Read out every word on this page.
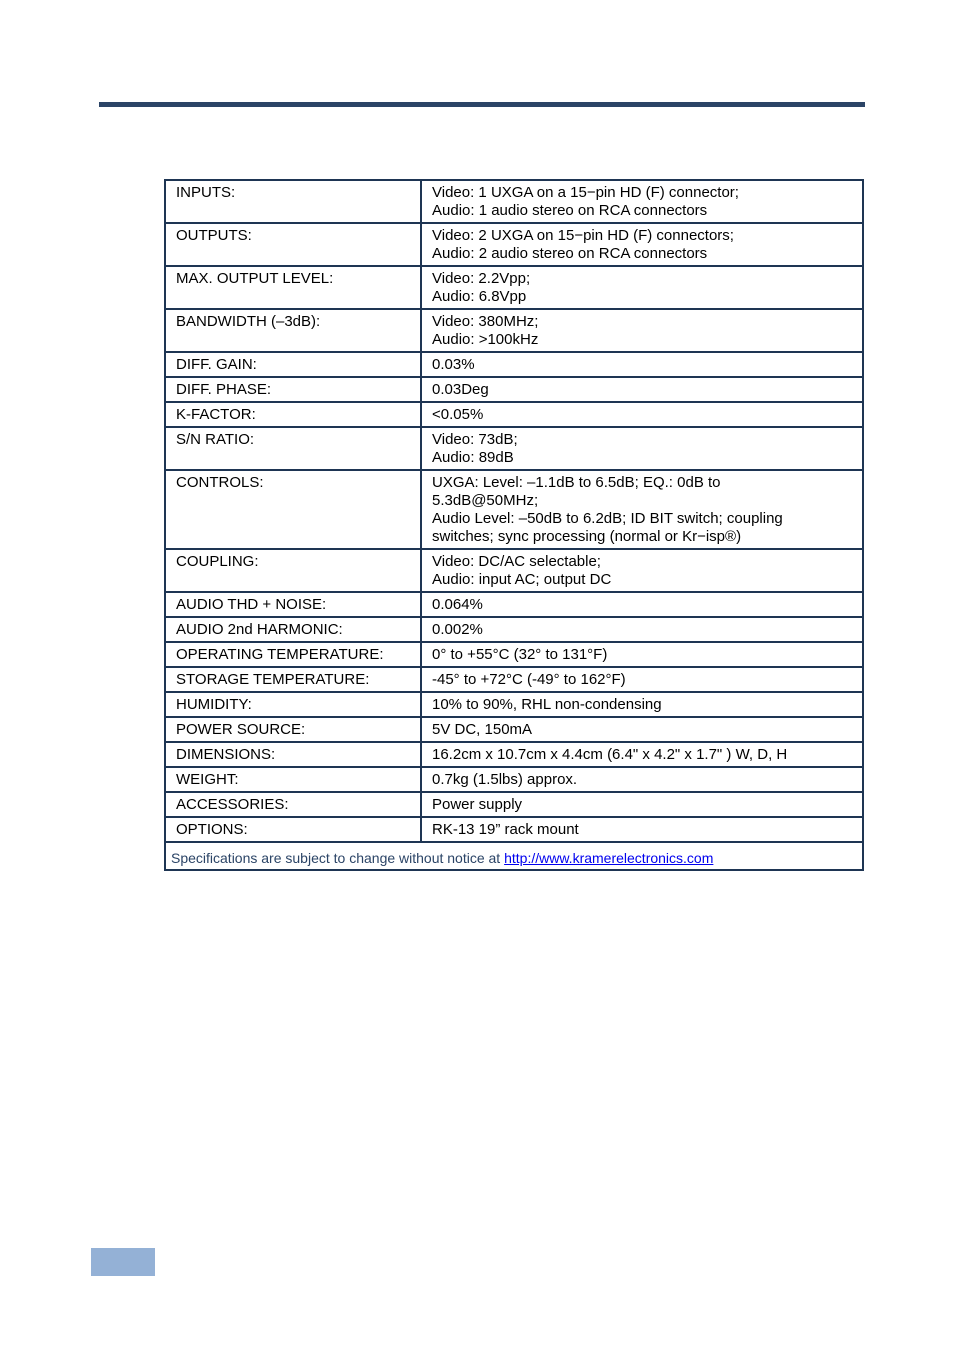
INPUTS:	Video: 1 UXGA on a 15−pin HD (F) connector;
Audio: 1 audio stereo on RCA connectors

OUTPUTS:	Video: 2 UXGA on 15−pin HD (F) connectors;
Audio: 2 audio stereo on RCA connectors

MAX. OUTPUT LEVEL:	Video: 2.2Vpp;
Audio: 6.8Vpp

BANDWIDTH (–3dB):	Video: 380MHz;
Audio: >100kHz

DIFF. GAIN:	0.03%

DIFF. PHASE:	0.03Deg

K-FACTOR:	<0.05%

S/N RATIO:	Video: 73dB;
Audio: 89dB

CONTROLS:	UXGA: Level: –1.1dB to 6.5dB; EQ.: 0dB to
5.3dB@50MHz;
Audio Level: –50dB to 6.2dB; ID BIT switch; coupling
switches; sync processing (normal or Kr−isp®)

COUPLING:	Video: DC/AC selectable;
Audio: input AC; output DC

AUDIO THD + NOISE:	0.064%

AUDIO 2nd HARMONIC:	0.002%

OPERATING TEMPERATURE:	0° to +55°C (32° to 131°F)

STORAGE TEMPERATURE:	-45° to +72°C (-49° to 162°F)

HUMIDITY:	10% to 90%, RHL non-condensing

POWER SOURCE:	5V DC, 150mA

DIMENSIONS:	16.2cm x 10.7cm x 4.4cm (6.4" x 4.2" x 1.7" ) W, D, H

WEIGHT:	0.7kg (1.5lbs) approx.

ACCESSORIES:	Power supply

OPTIONS:	RK-13 19” rack mount

Specifications are subject to change without notice at http://www.kramerelectronics.com	
